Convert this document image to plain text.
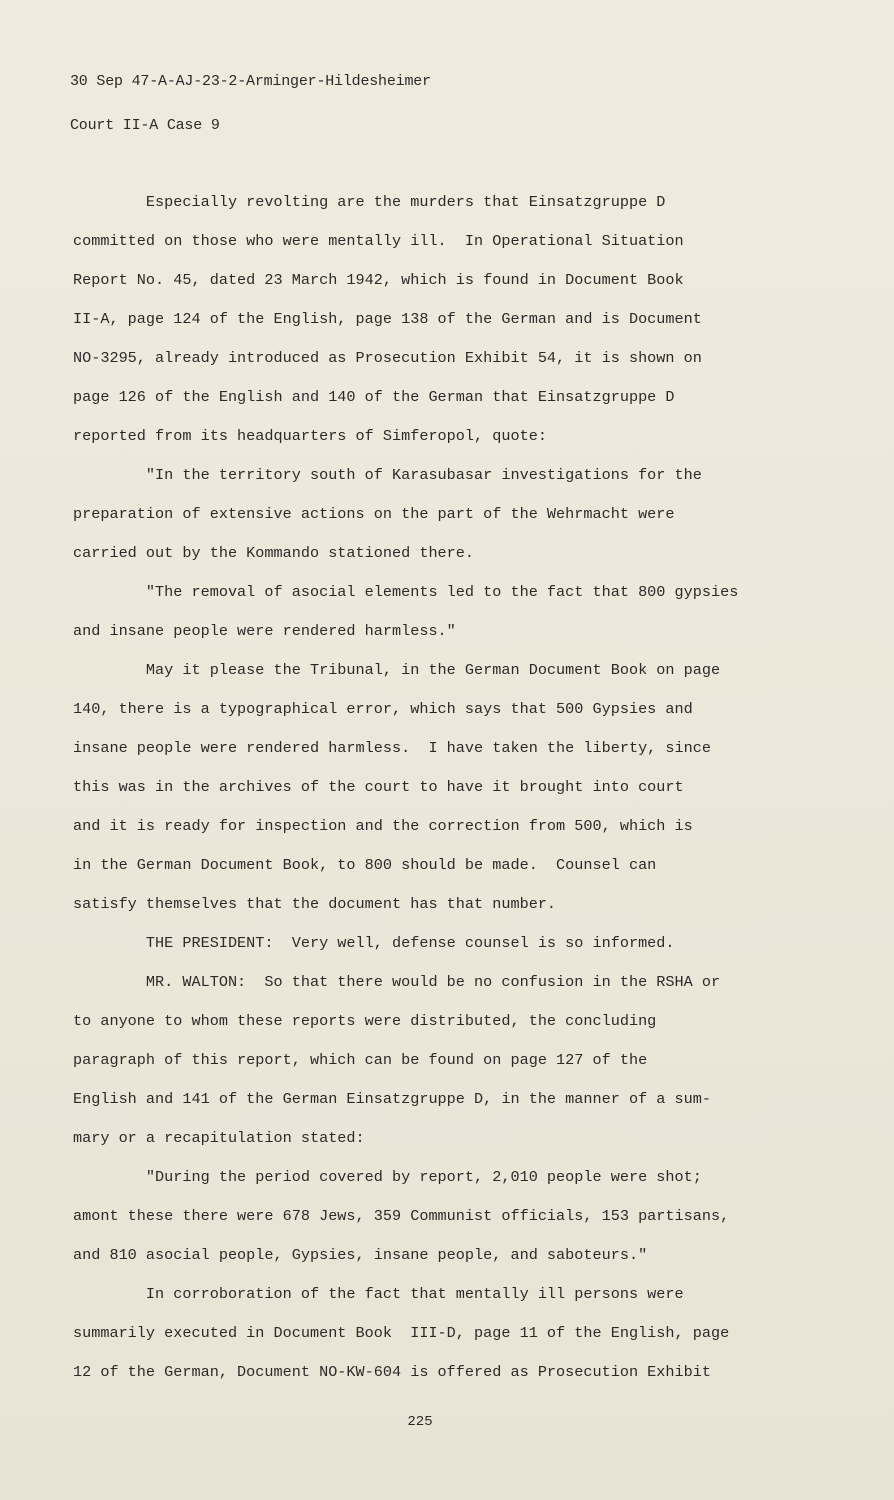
30 Sep 47-A-AJ-23-2-Arminger-Hildesheimer
Court II-A Case 9
Especially revolting are the murders that Einsatzgruppe D
committed on those who were mentally ill.  In Operational Situation
Report No. 45, dated 23 March 1942, which is found in Document Book
II-A, page 124 of the English, page 138 of the German and is Document
NO-3295, already introduced as Prosecution Exhibit 54, it is shown on
page 126 of the English and 140 of the German that Einsatzgruppe D
reported from its headquarters of Simferopol, quote:
"In the territory south of Karasubasar investigations for the
preparation of extensive actions on the part of the Wehrmacht were
carried out by the Kommando stationed there.
"The removal of asocial elements led to the fact that 800 gypsies
and insane people were rendered harmless."
May it please the Tribunal, in the German Document Book on page
140, there is a typographical error, which says that 500 Gypsies and
insane people were rendered harmless.  I have taken the liberty, since
this was in the archives of the court to have it brought into court
and it is ready for inspection and the correction from 500, which is
in the German Document Book, to 800 should be made.  Counsel can
satisfy themselves that the document has that number.
THE PRESIDENT:  Very well, defense counsel is so informed.
MR. WALTON:  So that there would be no confusion in the RSHA or
to anyone to whom these reports were distributed, the concluding
paragraph of this report, which can be found on page 127 of the
English and 141 of the German Einsatzgruppe D, in the manner of a sum-
mary or a recapitulation stated:
"During the period covered by report, 2,010 people were shot;
amont these there were 678 Jews, 359 Communist officials, 153 partisans,
and 810 asocial people, Gypsies, insane people, and saboteurs."
In corroboration of the fact that mentally ill persons were
summarily executed in Document Book  III-D, page 11 of the English, page
12 of the German, Document NO-KW-604 is offered as Prosecution Exhibit
225
